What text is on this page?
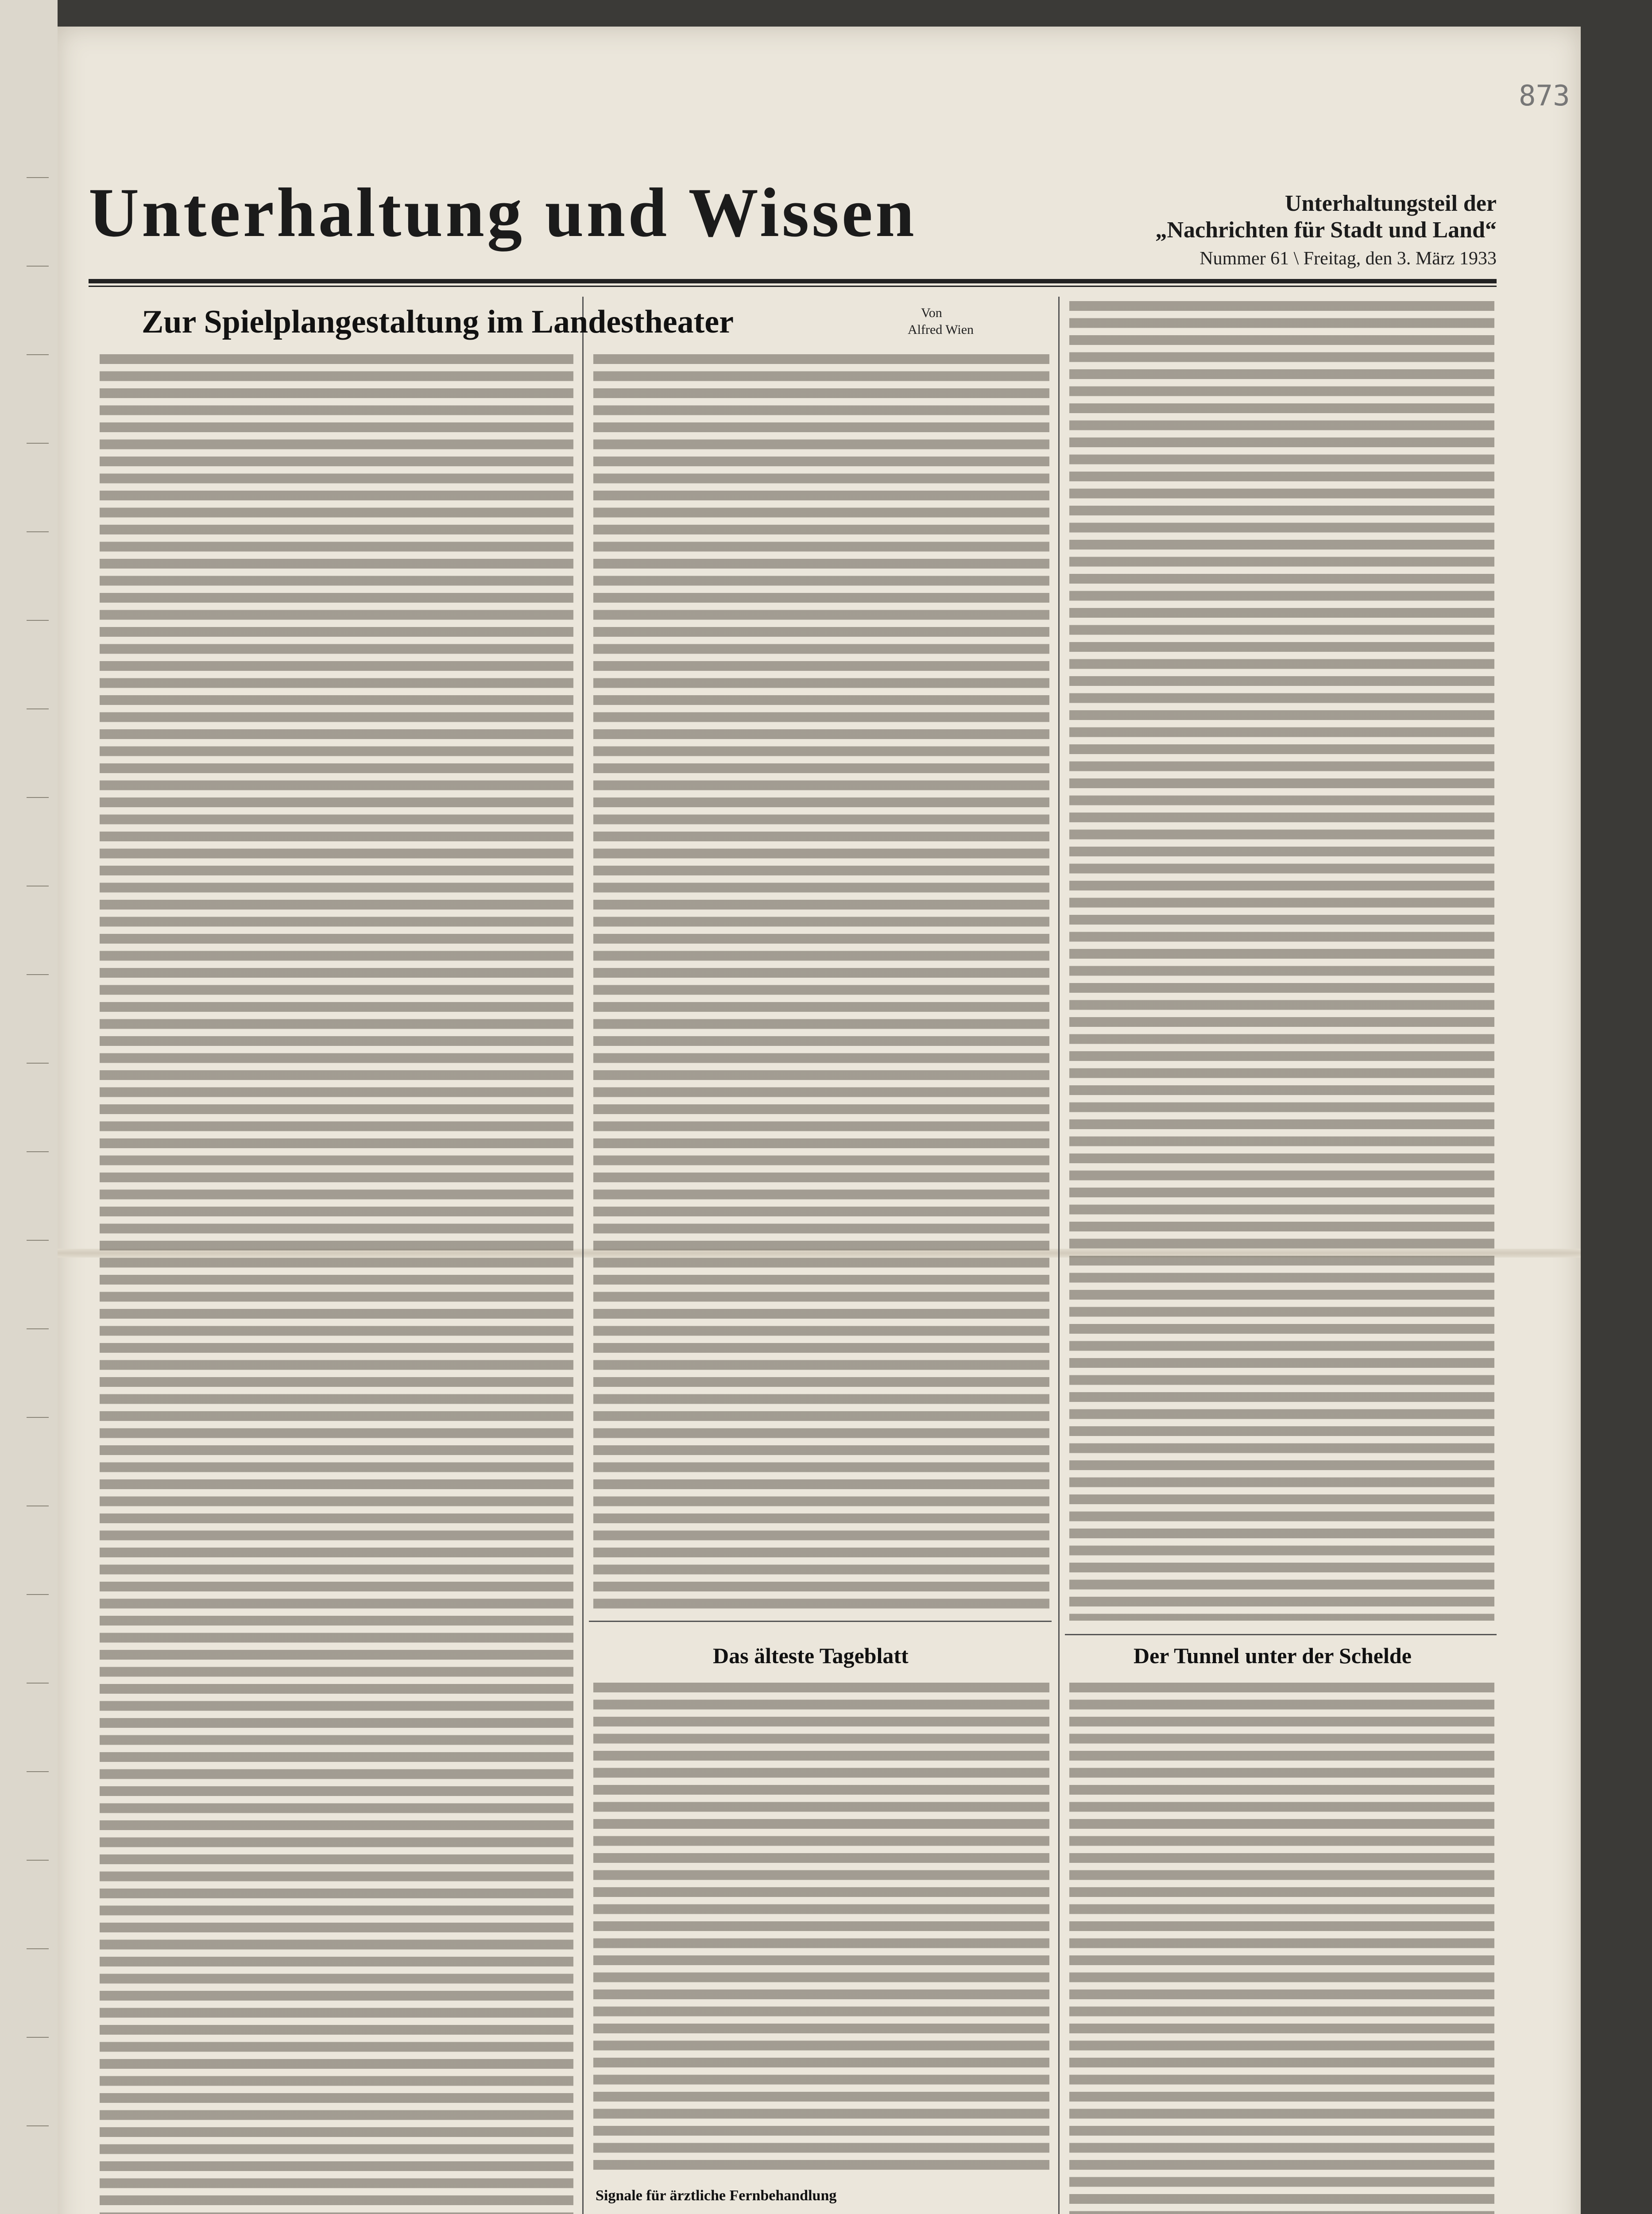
873
Unterhaltung und Wissen	Unterhaltungsteil der
„Nachrichten für Stadt und Land“
Nummer 61 \ Freitag, den 3. März 1933
Zur Spielplangestaltung im Landestheater	Von
Alfred Wien
Das älteste Tageblatt
Signale für ärztliche Fernbehandlung
Der Tunnel unter der Schelde
